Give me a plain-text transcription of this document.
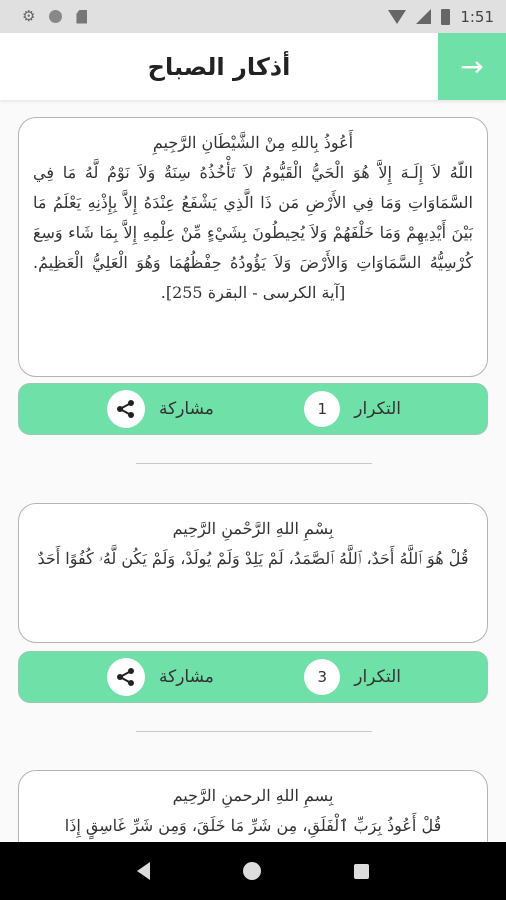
⚙	1:51
أذكار الصباح	→
أَعُوذُ بِاللهِ مِنْ الشَّيْطَانِ الرَّجِيمِ
اللّهُ لاَ إِلَـهَ إِلاَّ هُوَ الْحَيُّ الْقَيُّومُ لاَ تَأْخُذُهُ سِنَةٌ وَلاَ نَوْمٌ لَّهُ مَا فِي السَّمَاوَاتِ وَمَا فِي الأَرْضِ مَن ذَا الَّذِي يَشْفَعُ عِنْدَهُ إِلاَّ بِإِذْنِهِ يَعْلَمُ مَا بَيْنَ أَيْدِيهِمْ وَمَا خَلْفَهُمْ وَلاَ يُحِيطُونَ بِشَيْءٍ مِّنْ عِلْمِهِ إِلاَّ بِمَا شَاء وَسِعَ كُرْسِيُّهُ السَّمَاوَاتِ وَالأَرْضَ وَلاَ يَؤُودُهُ حِفْظُهُمَا وَهُوَ الْعَلِيُّ الْعَظِيمُ. [آية الكرسى - البقرة 255].
التكرار
1
مشاركة
بِسْمِ اللهِ الرَّحْمنِ الرَّحِيم
قُلْ هُوَ ٱللَّهُ أَحَدٌ، ٱللَّهُ ٱلصَّمَدُ، لَمْ يَلِدْ وَلَمْ يُولَدْ، وَلَمْ يَكُن لَّهُۥ كُفُوًا أَحَدٌ
التكرار
3
مشاركة
بِسمِ اللهِ الرحمنِ الرَّحِيم
قُلْ أَعُوذُ بِرَبِّ ٱلْفَلَقِ، مِن شَرِّ مَا خَلَقَ، وَمِن شَرِّ غَاسِقٍ إِذَا
